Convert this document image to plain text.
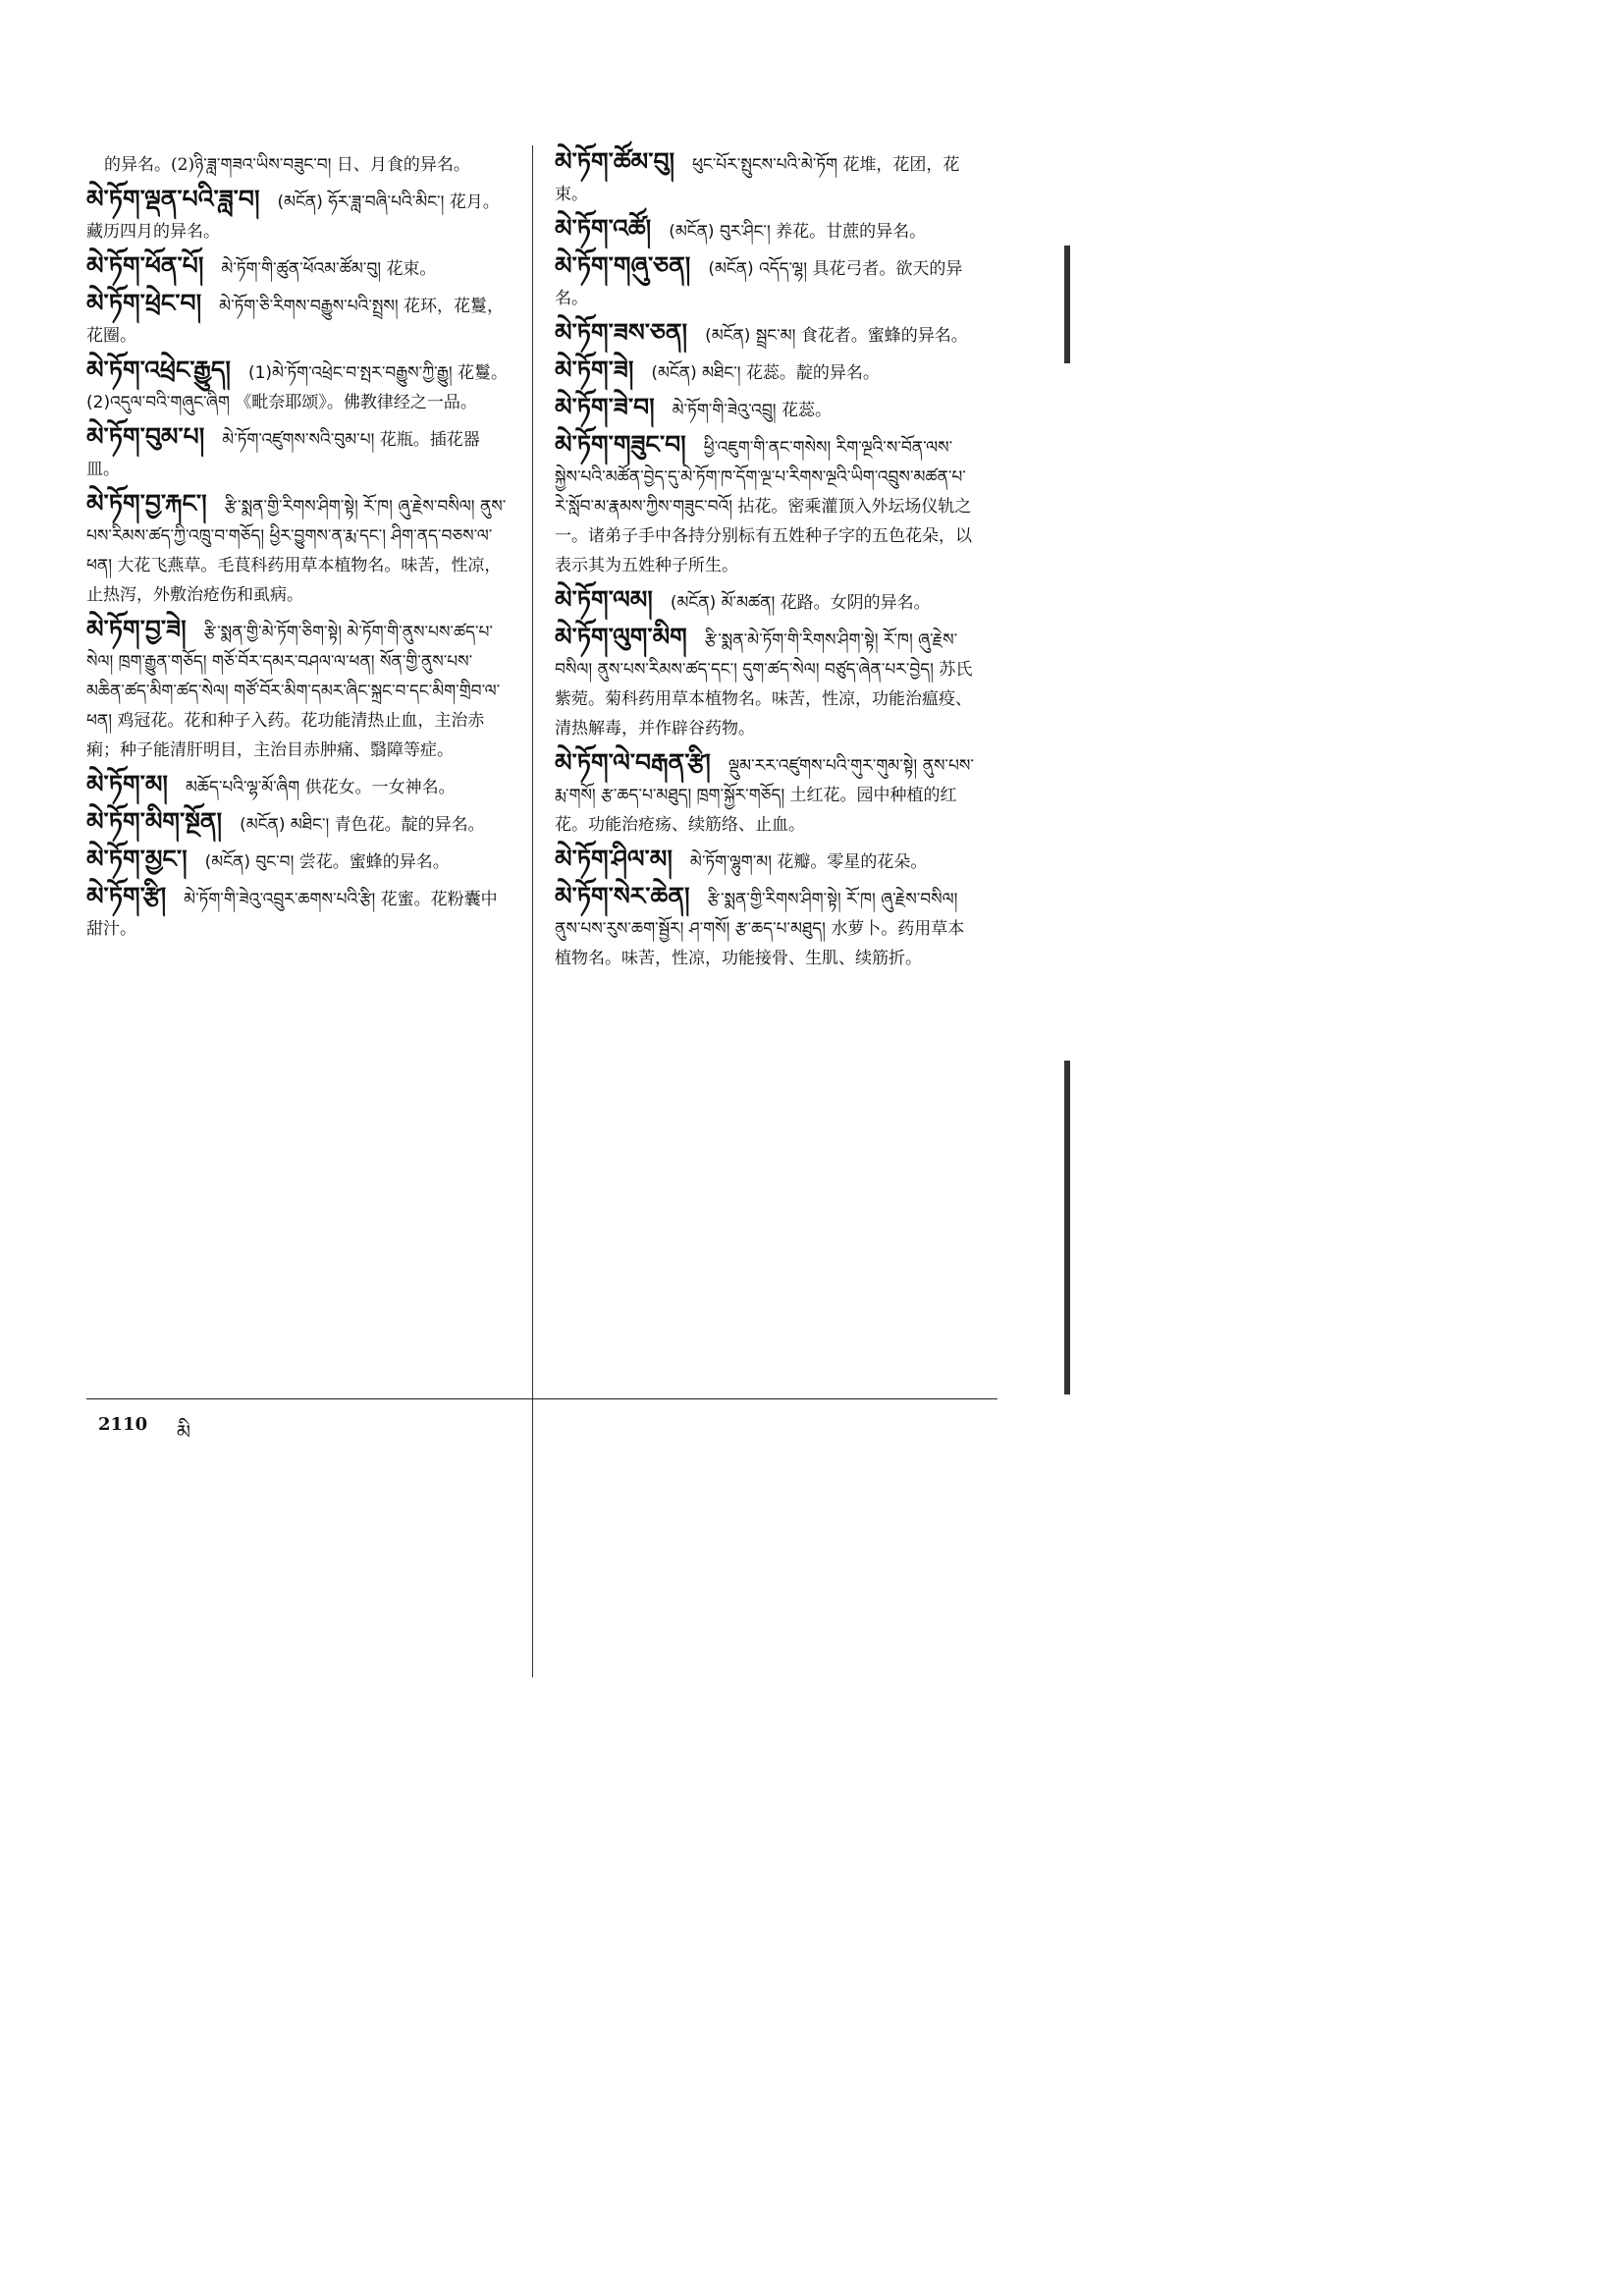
的异名。(2)ཉི་ཟླ་གཟའ་ཡིས་བཟུང་བ། 日、月食的异名。
མེ་ཏོག་ལྡན་པའི་ཟླ་བ། (མངོན) ཧོར་ཟླ་བཞི་པའི་མིང་། 花月。藏历四月的异名。
མེ་ཏོག་ཕོན་པོ། མེ་ཏོག་གི་ཚུན་ཕོའམ་ཚོམ་བུ། 花束。
མེ་ཏོག་ཕྲེང་བ། མེ་ཏོག་ཅི་རིགས་བརྒྱུས་པའི་སྤྲས། 花环，花鬘，花圈。
མེ་ཏོག་འཕྲེང་རྒྱུད། (1)མེ་ཏོག་འཕྲེང་བ་སྤར་བརྒྱུས་ཀྱི་རྒྱུ། 花鬘。(2)འདུལ་བའི་གཞུང་ཞིག 《毗奈耶颂》。佛教律经之一品。
མེ་ཏོག་བུམ་པ། མེ་ཏོག་འཛུགས་སའི་བུམ་པ། 花瓶。插花器皿。
མེ་ཏོག་བྱ་རྐང་། རྩི་སྨན་གྱི་རིགས་ཤིག་སྟེ། རོ་ཁ། ཞུ་རྗེས་བསིལ། ནུས་པས་རིམས་ཚད་ཀྱི་འཁྲུ་བ་གཅོད། ཕྱིར་བྱུགས་ན་རྨ་དང་། ཤིག་ནད་བཅས་ལ་ཕན། 大花飞燕草。毛茛科药用草本植物名。味苦，性凉，止热泻，外敷治疮伤和虱病。
མེ་ཏོག་བྱ་ཟེ། རྩི་སྨན་གྱི་མེ་ཏོག་ཅིག་སྟེ། མེ་ཏོག་གི་ནུས་པས་ཚད་པ་སེལ། ཁྲག་རྒྱུན་གཅོད། གཅོ་བོར་དམར་བཤལ་ལ་ཕན། སོན་གྱི་ནུས་པས་མཆིན་ཚད་མིག་ཚད་སེལ། གཙོ་བོར་མིག་དམར་ཞིང་སྐྲང་བ་དང་མིག་གྲིབ་ལ་ཕན། 鸡冠花。花和种子入药。花功能清热止血，主治赤痢；种子能清肝明目，主治目赤肿痛、翳障等症。
མེ་ཏོག་མ། མཆོད་པའི་ལྷ་མོ་ཞིག 供花女。一女神名。
མེ་ཏོག་མིག་སྔོན། (མངོན) མཐིང་། 青色花。靛的异名。
མེ་ཏོག་མྱང་། (མངོན) བུང་བ། 尝花。蜜蜂的异名。
མེ་ཏོག་རྩི། མེ་ཏོག་གི་ཟེའུ་འབྲུར་ཆགས་པའི་རྩི། 花蜜。花粉囊中甜汁。
མེ་ཏོག་ཚོམ་བུ། ཕུང་པོར་སྤུངས་པའི་མེ་ཏོག 花堆，花团，花束。
མེ་ཏོག་འཚོ། (མངོན) བུར་ཤིང་། 养花。甘蔗的异名。
མེ་ཏོག་གཞུ་ཅན། (མངོན) འདོད་ལྷ། 具花弓者。欲天的异名。
མེ་ཏོག་ཟས་ཅན། (མངོན) སྦྲང་མ། 食花者。蜜蜂的异名。
མེ་ཏོག་ཟེ། (མངོན) མཐིང་། 花蕊。靛的异名。
མེ་ཏོག་ཟེ་བ། མེ་ཏོག་གི་ཟེའུ་འབྲུ། 花蕊。
མེ་ཏོག་གཟུང་བ། ཕྱི་འཇུག་གི་ནང་གསེས། རིག་ལྔའི་ས་བོན་ལས་སྐྱེས་པའི་མཚོན་བྱེད་དུ་མེ་ཏོག་ཁ་དོག་ལྔ་པ་རིགས་ལྔའི་ཡིག་འབྲུས་མཚན་པ་རེ་སློབ་མ་རྣམས་ཀྱིས་གཟུང་བའོ། 拈花。密乘灌顶入外坛场仪轨之一。诸弟子手中各持分别标有五姓种子字的五色花朵，以表示其为五姓种子所生。
མེ་ཏོག་ལམ། (མངོན) མོ་མཚན། 花路。女阴的异名。
མེ་ཏོག་ལུག་མིག རྩི་སྨན་མེ་ཏོག་གི་རིགས་ཤིག་སྟེ། རོ་ཁ། ཞུ་རྗེས་བསིལ། ནུས་པས་རིམས་ཚད་དང་། དུག་ཚད་སེལ། བཙུད་ཞེན་པར་བྱེད། 苏氏紫菀。菊科药用草本植物名。味苦，性凉，功能治瘟疫、清热解毒，并作辟谷药物。
མེ་ཏོག་ལེ་བརྒན་རྩི། ལྡུམ་རར་འཛུགས་པའི་གུར་གུམ་སྟེ། ནུས་པས་རྨ་གསོ། རྩ་ཆད་པ་མཐུད། ཁྲག་སྐྱོར་གཅོད། 土红花。园中种植的红花。功能治疮疡、续筋络、止血。
མེ་ཏོག་ཤིལ་མ། མེ་ཏོག་ལྷུག་མ། 花瓣。零星的花朵。
མེ་ཏོག་སེར་ཆེན། རྩི་སྨན་གྱི་རིགས་ཤིག་སྟེ། རོ་ཁ། ཞུ་རྗེས་བསིལ། ནུས་པས་རུས་ཆག་སྦྱོར། ཤ་གསོ། རྩ་ཆད་པ་མཐུད། 水萝卜。药用草本植物名。味苦，性凉，功能接骨、生肌、续筋折。
2110 མི
